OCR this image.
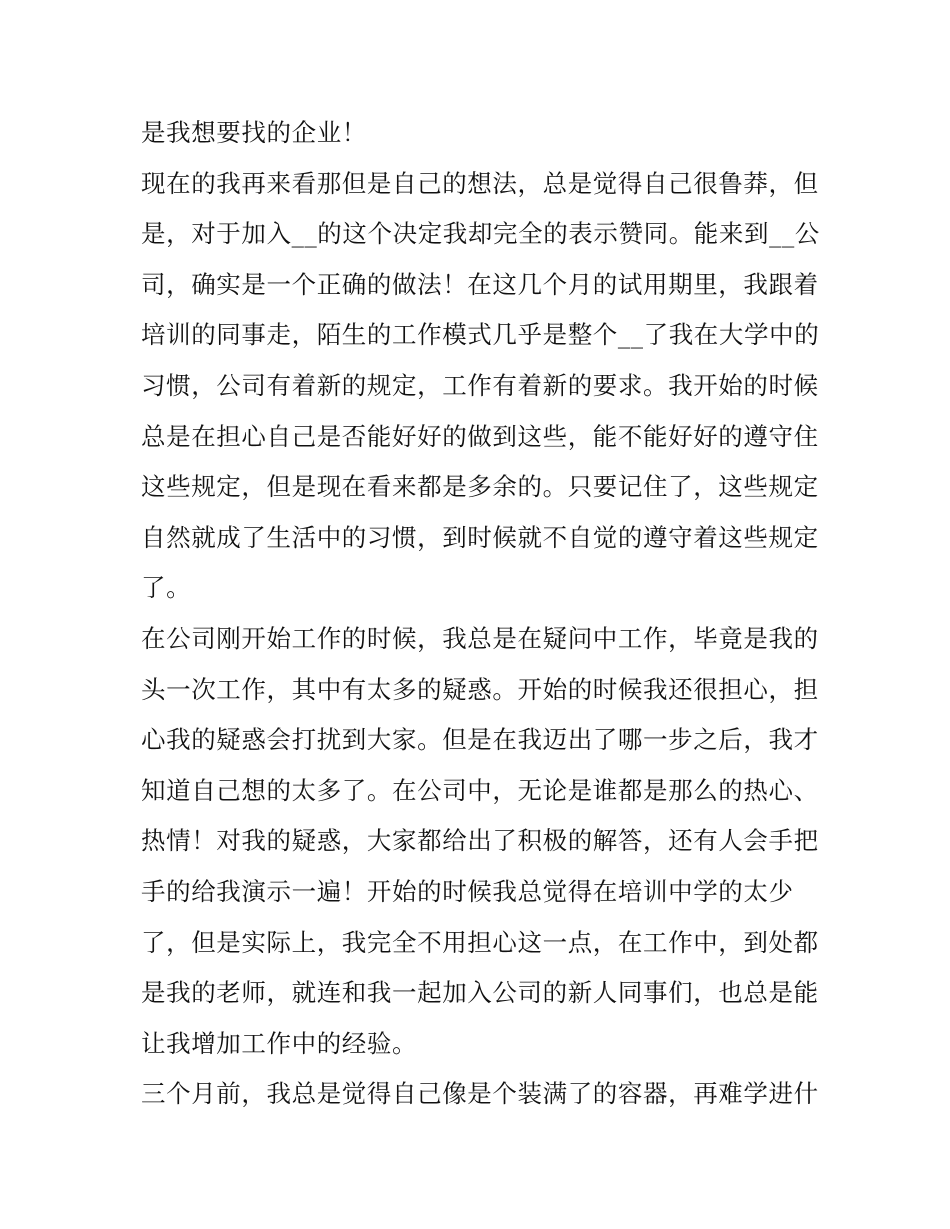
是我想要找的企业！
现在的我再来看那但是自己的想法，总是觉得自己很鲁莽，但
是，对于加入__的这个决定我却完全的表示赞同。能来到__公
司，确实是一个正确的做法！在这几个月的试用期里，我跟着
培训的同事走，陌生的工作模式几乎是整个__了我在大学中的
习惯，公司有着新的规定，工作有着新的要求。我开始的时候
总是在担心自己是否能好好的做到这些，能不能好好的遵守住
这些规定，但是现在看来都是多余的。只要记住了，这些规定
自然就成了生活中的习惯，到时候就不自觉的遵守着这些规定
了。
在公司刚开始工作的时候，我总是在疑问中工作，毕竟是我的
头一次工作，其中有太多的疑惑。开始的时候我还很担心，担
心我的疑惑会打扰到大家。但是在我迈出了哪一步之后，我才
知道自己想的太多了。在公司中，无论是谁都是那么的热心、
热情！对我的疑惑，大家都给出了积极的解答，还有人会手把
手的给我演示一遍！开始的时候我总觉得在培训中学的太少
了，但是实际上，我完全不用担心这一点，在工作中，到处都
是我的老师，就连和我一起加入公司的新人同事们，也总是能
让我增加工作中的经验。
三个月前，我总是觉得自己像是个装满了的容器，再难学进什
